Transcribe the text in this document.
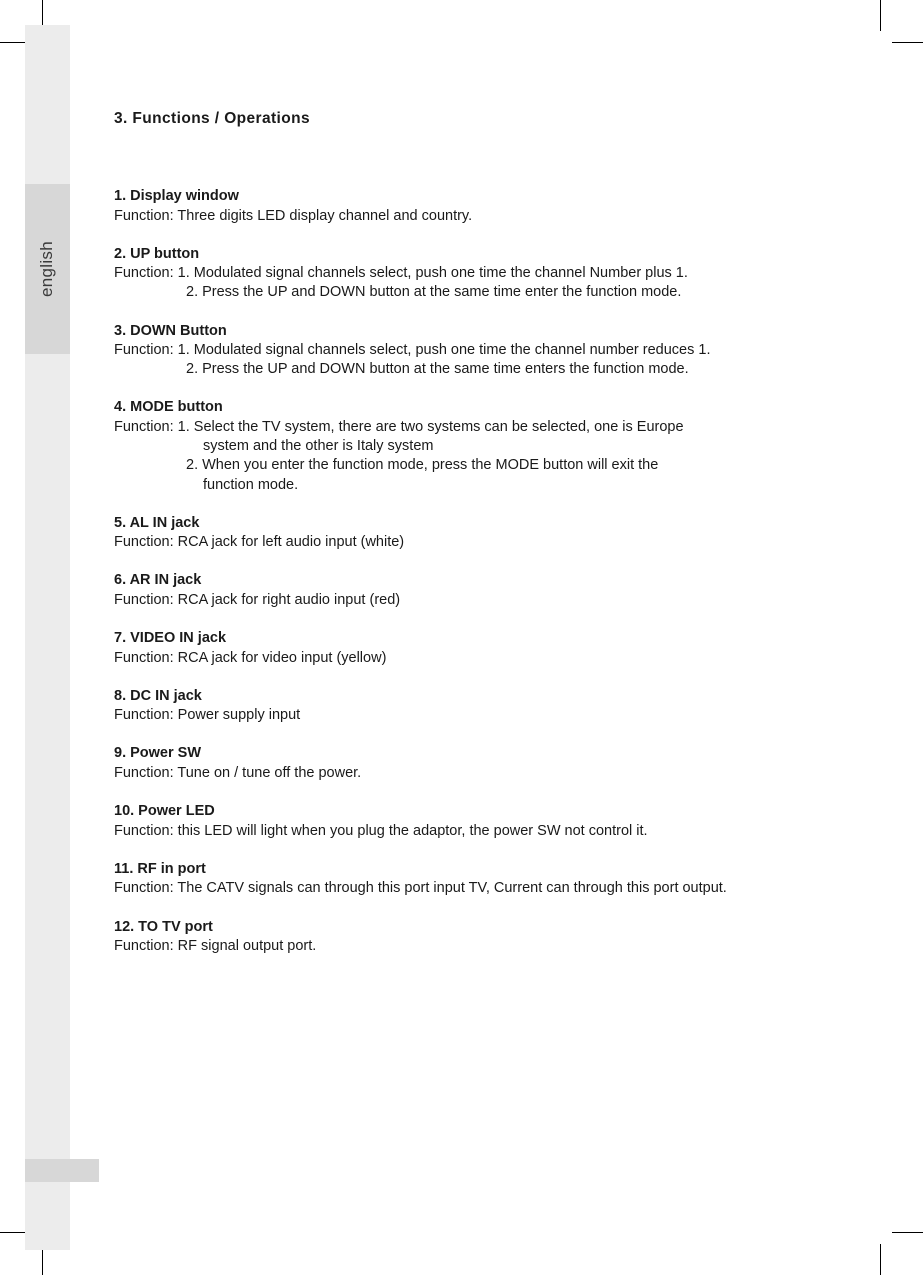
english
3. Functions / Operations
1. Display window
Function: Three digits LED display channel and country.
2. UP button
Function: 1. Modulated signal channels select, push one time the channel Number plus 1.
2. Press the UP and DOWN button at the same time enter the function mode.
3. DOWN Button
Function: 1. Modulated signal channels select, push one time the channel number reduces 1.
2. Press the UP and DOWN button at the same time enters the function mode.
4. MODE button
Function: 1. Select the TV system, there are two systems can be selected, one is Europe
system and the other is Italy system
2. When you enter the function mode, press the MODE button will exit the
function mode.
5. AL IN jack
Function: RCA jack for left audio input (white)
6. AR IN jack
Function: RCA jack for right audio input (red)
7. VIDEO IN jack
Function: RCA jack for video input (yellow)
8. DC IN jack
Function: Power supply input
9. Power SW
Function: Tune on / tune off the power.
10. Power LED
Function: this LED will light when you plug the adaptor, the power SW not control it.
11. RF in port
Function: The CATV signals can through this port input TV, Current can through this port output.
12. TO TV port
Function: RF signal output port.
